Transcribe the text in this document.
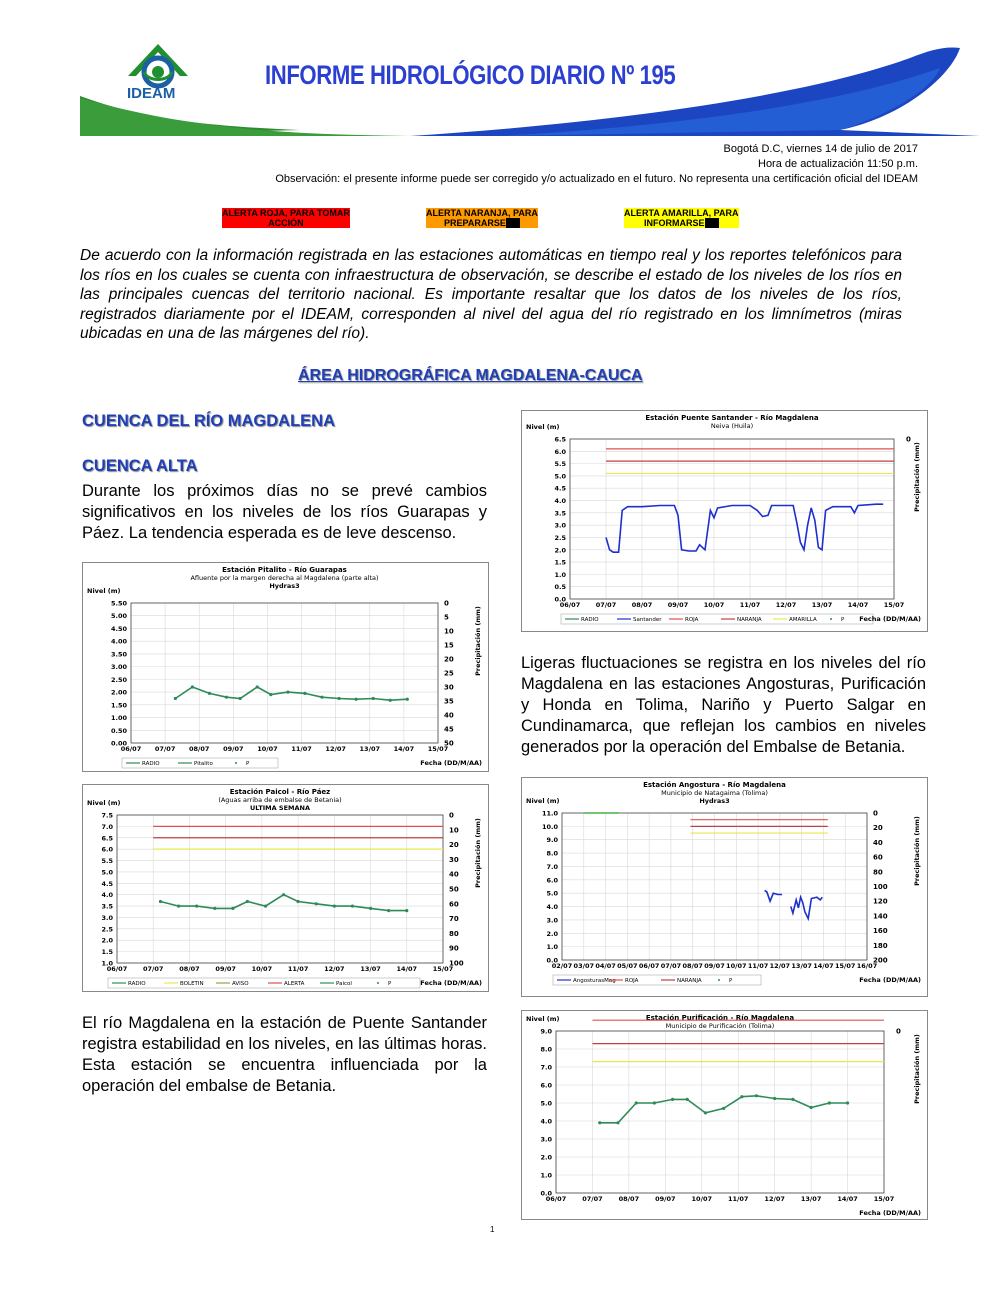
IDEAM
INFORME HIDROLÓGICO DIARIO Nº 195
Bogotá D.C, viernes 14 de julio de 2017
Hora de actualización 11:50 p.m.
Observación: el presente informe puede ser corregido y/o actualizado en el futuro. No representa una certificación oficial del IDEAM
ALERTA ROJA, PARA TOMAR
ACCIÓN
ALERTA NARANJA, PARA
PREPARARSE
ALERTA AMARILLA, PARA
INFORMARSE
De acuerdo con la información registrada en las estaciones automáticas en tiempo real y los reportes telefónicos para los ríos en los cuales se cuenta con infraestructura de observación, se describe el estado de los niveles de los ríos en las principales cuencas del territorio nacional. Es importante resaltar que los datos de los niveles de los ríos, registrados diariamente por el IDEAM, corresponden al nivel del agua del río registrado en los limnímetros (miras ubicadas en una de las márgenes del río).
ÁREA HIDROGRÁFICA MAGDALENA-CAUCA
CUENCA DEL RÍO MAGDALENA
CUENCA ALTA
Durante los próximos días no se prevé cambios significativos en los niveles de los ríos Guarapas y Páez. La tendencia esperada es de leve descenso.
El río Magdalena en la estación de Puente Santander registra estabilidad en los niveles, en las últimas horas. Esta estación se encuentra influenciada por la operación del embalse de Betania.
Ligeras fluctuaciones se registra en los niveles del río Magdalena en las estaciones Angosturas, Purificación y Honda en Tolima, Nariño y Puerto Salgar en Cundinamarca, que reflejan los cambios en niveles generados por la operación del Embalse de Betania.
Estación Pitalito - Río Guarapas
Afluente por la margen derecha al Magdalena (parte alta)
Hydras3
Nivel (m)
0.00
0.50
1.00
1.50
2.00
2.50
3.00
3.50
4.00
4.50
5.00
5.50
06/07 07/07 08/07 09/07 10/07 11/07 12/07 13/07 14/07 15/07
0
5
10
15
20
25
30
35
40
45
50
Precipitación (mm)
RADIO	Pitalito	P	Fecha (DD/M/AA)
Estación Paicol - Río Páez
(Aguas arriba de embalse de Betania)
ULTIMA SEMANA
Nivel (m)
1.0
1.5
2.0
2.5
3.0
3.5
4.0
4.5
5.0
5.5
6.0
6.5
7.0
7.5
06/07 07/07 08/07 09/07 10/07 11/07 12/07 13/07 14/07 15/07
0
10
20
30
40
50
60
70
80
90
100
Precipitación (mm)
RADIO	BOLETIN	AVISO	ALERTA	Paicol	P	Fecha (DD/M/AA)
Estación Puente Santander - Río Magdalena
Neiva (Huila)
Nivel (m)
0.0
0.5
1.0
1.5
2.0
2.5
3.0
3.5
4.0
4.5
5.0
5.5
6.0
6.5
06/07 07/07 08/07 09/07 10/07 11/07 12/07 13/07 14/07 15/07
0
Precipitación (mm)
RADIO	Santander	ROJA	NARANJA	AMARILLA	P Fecha (DD/M/AA)
Estación Angostura - Río Magdalena
Municipio de Natagaima (Tolima)
Hydras3
Nivel (m)
0.0
1.0
2.0
3.0
4.0
5.0
6.0
7.0
8.0
9.0
10.0
11.0
02/07 03/07 04/07 05/07 06/07 07/07 08/07 09/07 10/07 11/07 12/07 13/07 14/07 15/07 16/07
0
20
40
60
80
100
120
140
160
180
200
Precipitación (mm)
AngosturasMag ROJA	NARANJA	P	Fecha (DD/M/AA)
Estación Purificación - Río Magdalena
Municipio de Purificación (Tolima)
Nivel (m)
0.0
1.0
2.0
3.0
4.0
5.0
6.0
7.0
8.0
9.0
06/07 07/07 08/07 09/07 10/07 11/07 12/07 13/07 14/07 15/07
0
Precipitación (mm)
Fecha (DD/M/AA)
1
